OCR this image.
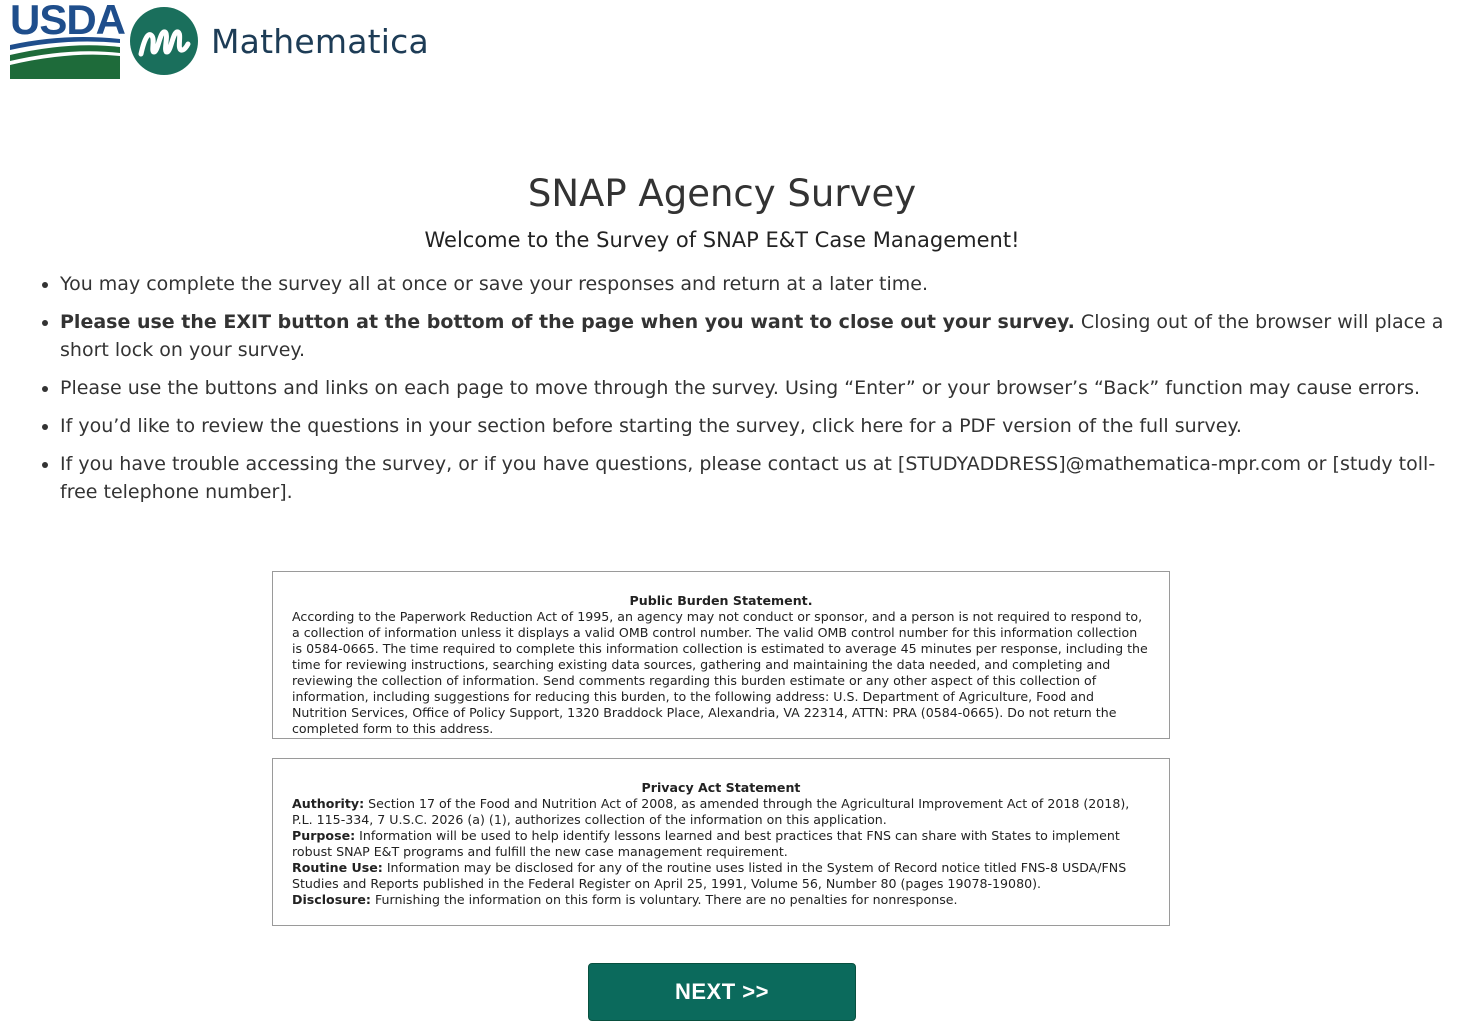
USDA	Mathematica
SNAP Agency Survey
Welcome to the Survey of SNAP E&T Case Management!
• You may complete the survey all at once or save your responses and return at a later time.
• Please use the EXIT button at the bottom of the page when you want to close out your survey. Closing out of the browser will place a short lock on your survey.
• Please use the buttons and links on each page to move through the survey. Using “Enter” or your browser’s “Back” function may cause errors.
• If you’d like to review the questions in your section before starting the survey, click here for a PDF version of the full survey.
• If you have trouble accessing the survey, or if you have questions, please contact us at [STUDYADDRESS]@mathematica-mpr.com or [study toll-free telephone number].
Public Burden Statement.
According to the Paperwork Reduction Act of 1995, an agency may not conduct or sponsor, and a person is not required to respond to, a collection of information unless it displays a valid OMB control number. The valid OMB control number for this information collection is 0584-0665. The time required to complete this information collection is estimated to average 45 minutes per response, including the time for reviewing instructions, searching existing data sources, gathering and maintaining the data needed, and completing and reviewing the collection of information. Send comments regarding this burden estimate or any other aspect of this collection of information, including suggestions for reducing this burden, to the following address: U.S. Department of Agriculture, Food and Nutrition Services, Office of Policy Support, 1320 Braddock Place, Alexandria, VA 22314, ATTN: PRA (0584-0665). Do not return the completed form to this address.
Privacy Act Statement
Authority: Section 17 of the Food and Nutrition Act of 2008, as amended through the Agricultural Improvement Act of 2018 (2018), P.L. 115-334, 7 U.S.C. 2026 (a) (1), authorizes collection of the information on this application.
Purpose: Information will be used to help identify lessons learned and best practices that FNS can share with States to implement robust SNAP E&T programs and fulfill the new case management requirement.
Routine Use: Information may be disclosed for any of the routine uses listed in the System of Record notice titled FNS-8 USDA/FNS Studies and Reports published in the Federal Register on April 25, 1991, Volume 56, Number 80 (pages 19078-19080).
Disclosure: Furnishing the information on this form is voluntary. There are no penalties for nonresponse.
NEXT >>
